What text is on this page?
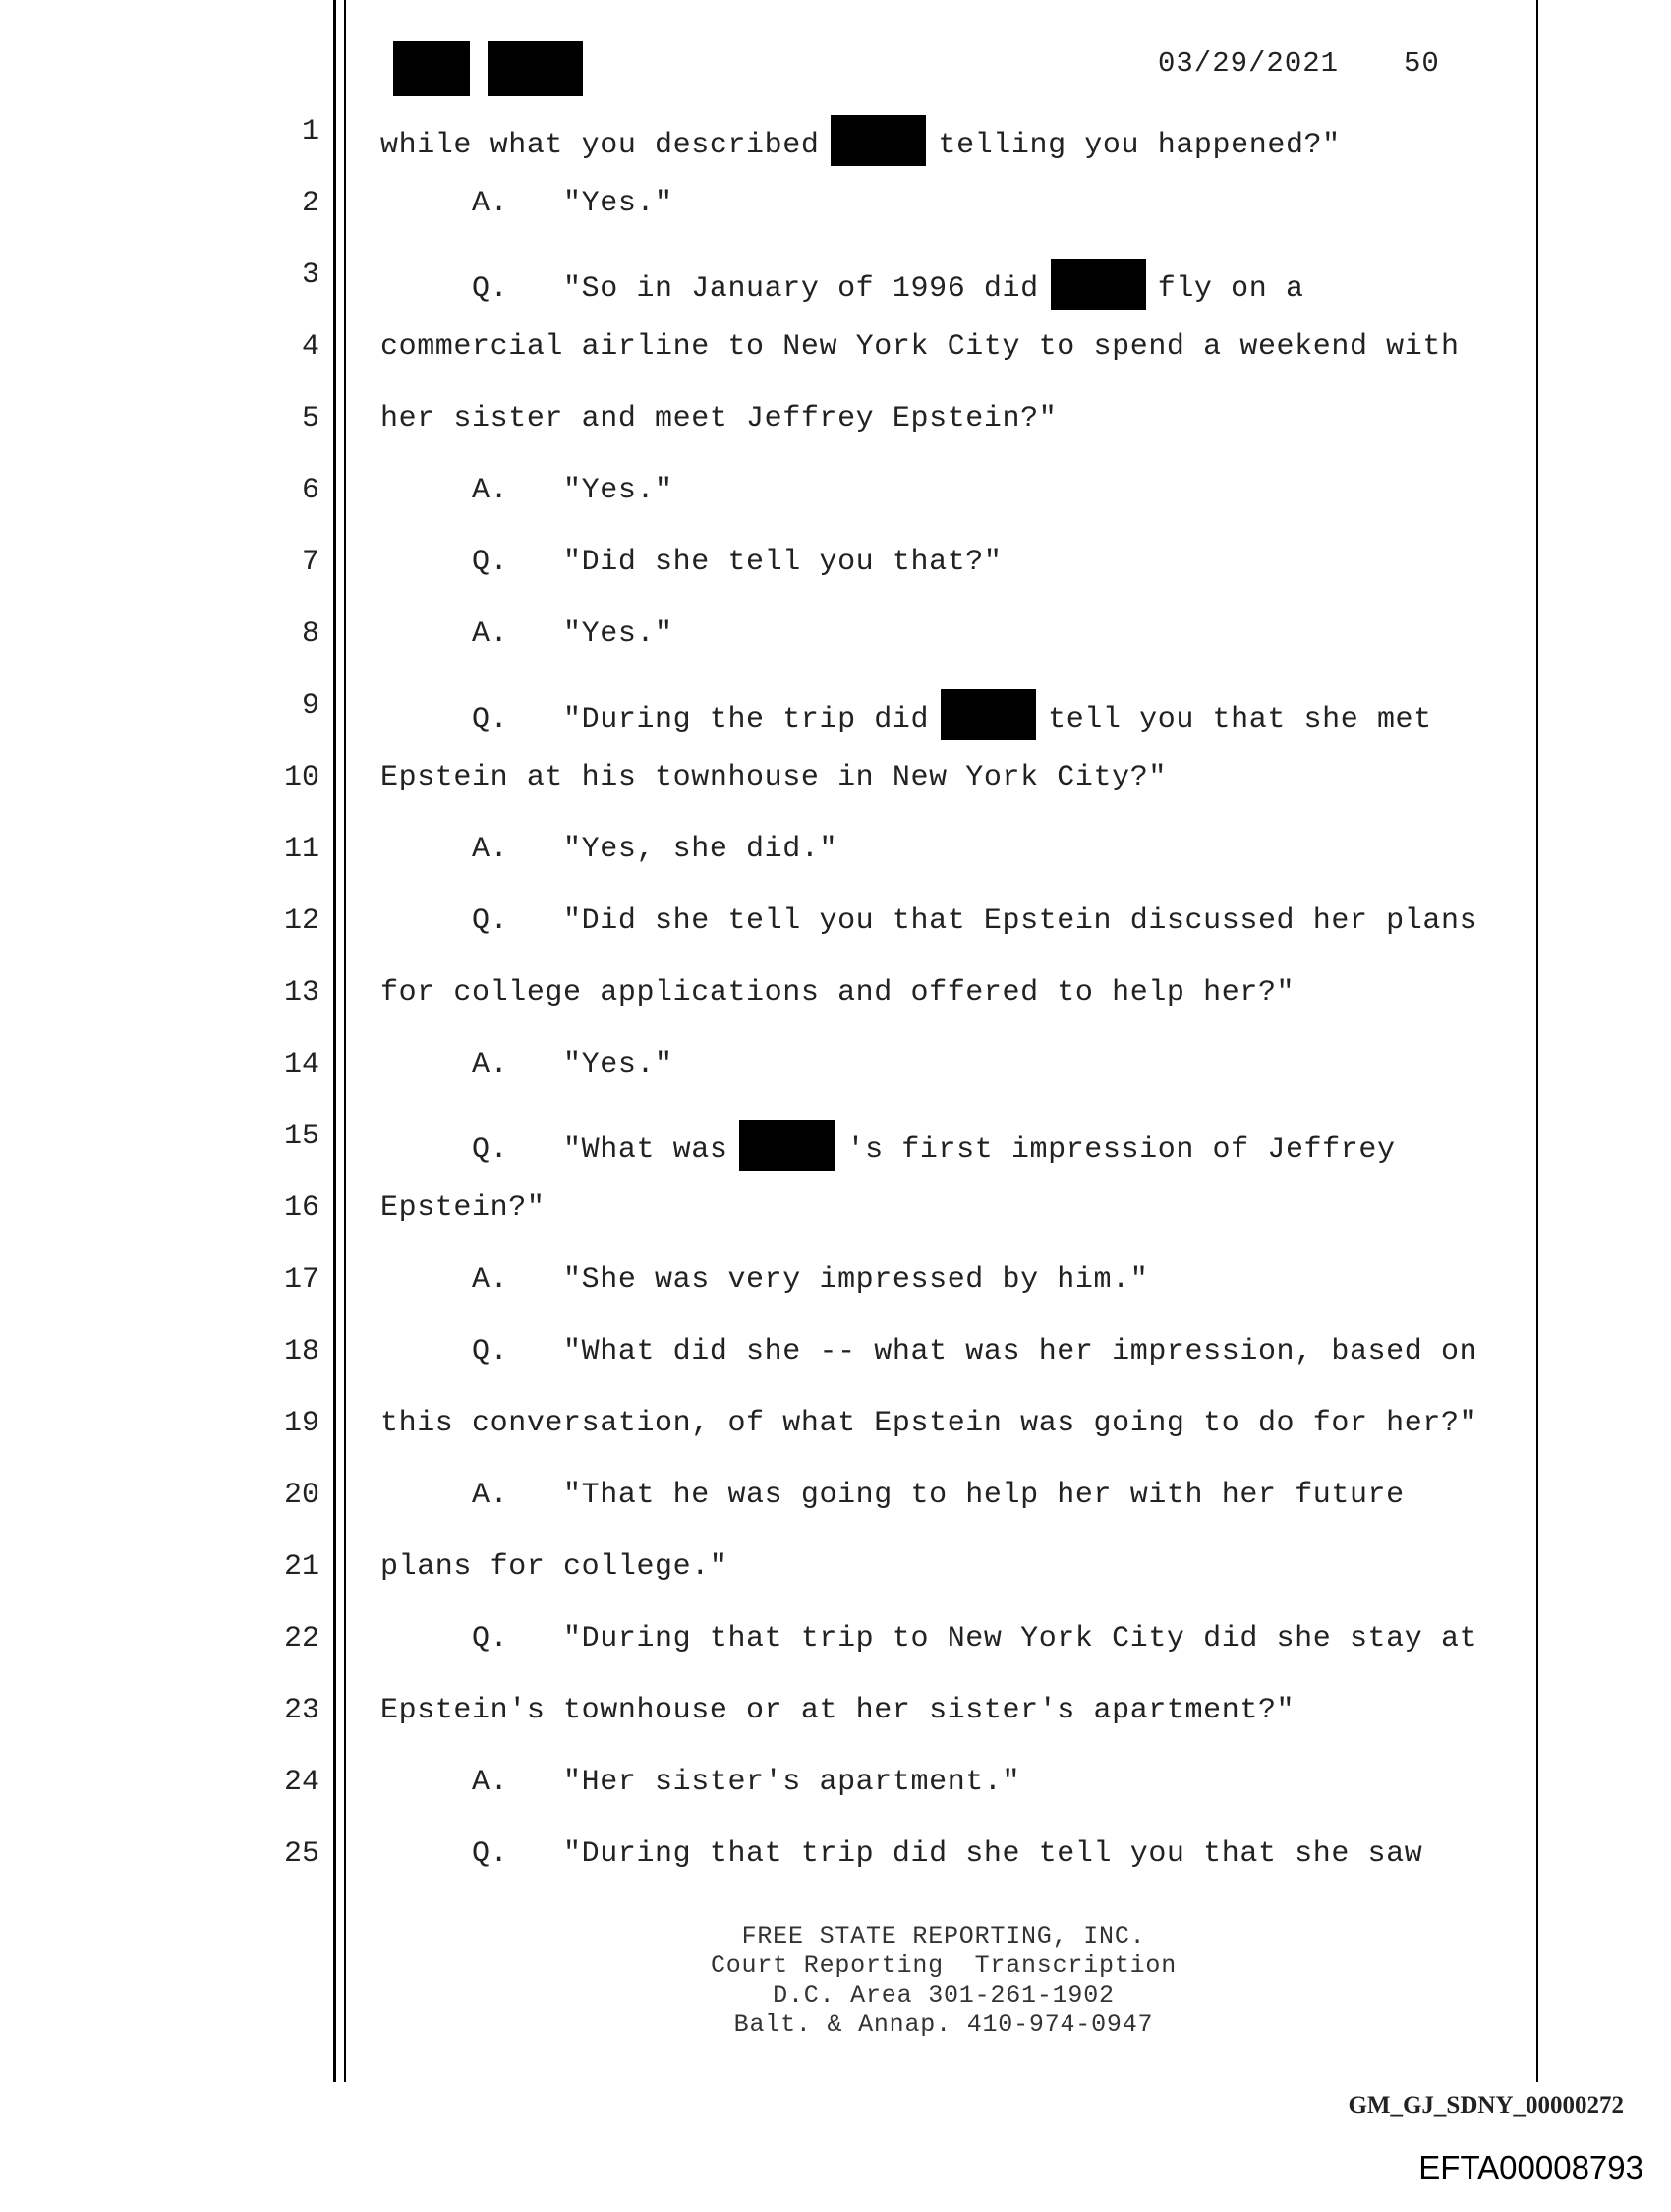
03/29/2021 50
1 while what you described	telling you happened?"
2 A.   "Yes."
3 Q.   "So in January of 1996 did	fly on a
4 commercial airline to New York City to spend a weekend with
5 her sister and meet Jeffrey Epstein?"
6 A.   "Yes."
7 Q.   "Did she tell you that?"
8 A.   "Yes."
9 Q.   "During the trip did	tell you that she met
10 Epstein at his townhouse in New York City?"
11 A.   "Yes, she did."
12 Q.   "Did she tell you that Epstein discussed her plans
13 for college applications and offered to help her?"
14 A.   "Yes."
15 Q.   "What was	's first impression of Jeffrey
16 Epstein?"
17 A.   "She was very impressed by him."
18 Q.   "What did she -- what was her impression, based on
19 this conversation, of what Epstein was going to do for her?"
20 A.   "That he was going to help her with her future
21 plans for college."
22 Q.   "During that trip to New York City did she stay at
23 Epstein's townhouse or at her sister's apartment?"
24 A.   "Her sister's apartment."
25 Q.   "During that trip did she tell you that she saw
FREE STATE REPORTING, INC.
Court Reporting  Transcription
D.C. Area 301-261-1902
Balt. & Annap. 410-974-0947
GM_GJ_SDNY_00000272
EFTA00008793
